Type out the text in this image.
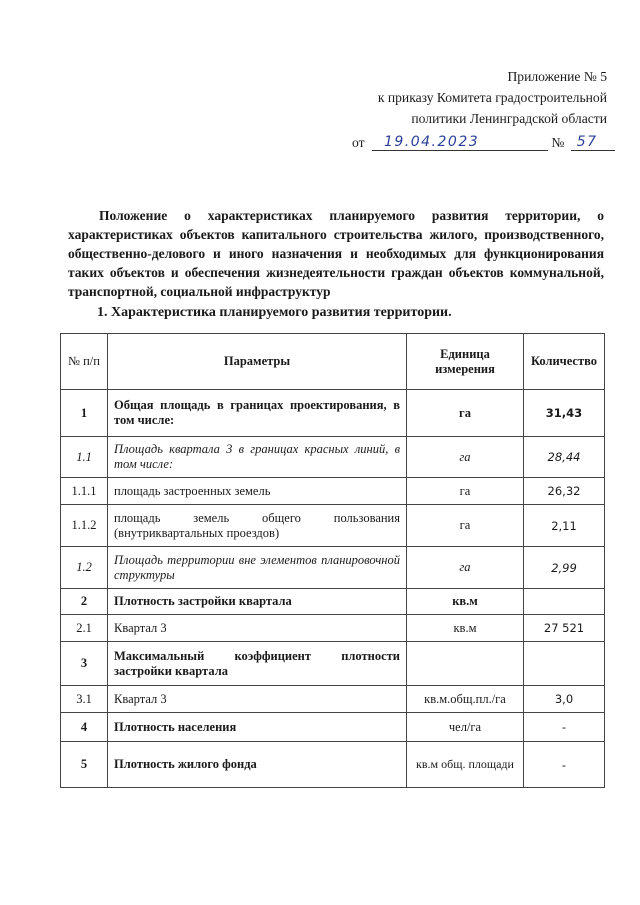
Приложение № 5
к приказу Комитета градостроительной
политики Ленинградской области
от 19.04.2023	№ 57
Положение о характеристиках планируемого развития территории, о характеристиках объектов капитального строительства жилого, производственного, общественно-делового и иного назначения и необходимых для функционирования таких объектов и обеспечения жизнедеятельности граждан объектов коммунальной, транспортной, социальной инфраструктур
1. Характеристика планируемого развития территории.
№ п/п	Параметры	Единица измерения	Количество
1	Общая площадь в границах проектирования, в том числе:	га	31,43
1.1	Площадь квартала 3 в границах красных линий, в том числе:	га	28,44
1.1.1	площадь застроенных земель	га	26,32
1.1.2	площадь земель общего пользования (внутриквартальных проездов)	га	2,11
1.2	Площадь территории вне элементов планировочной структуры	га	2,99
2	Плотность застройки квартала	кв.м	
2.1	Квартал 3	кв.м	27 521
3	Максимальный коэффициент плотности застройки квартала		
3.1	Квартал 3	кв.м.общ.пл./га	3,0
4	Плотность населения	чел/га	-
5	Плотность жилого фонда	кв.м общ. площади	-
